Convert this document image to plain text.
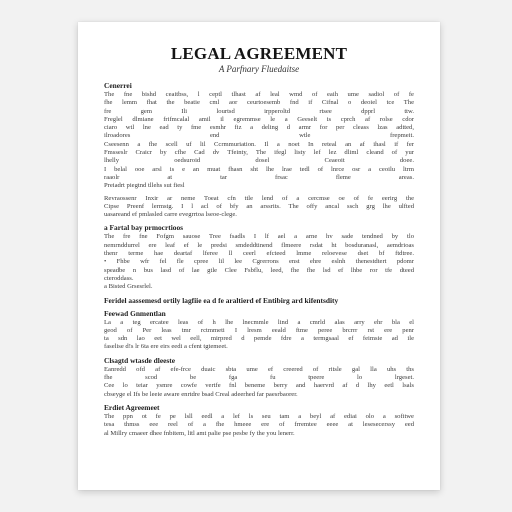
LEGAL AGREEMENT
A Parfnary Fluedaitse
Cenerrei
The fne bishd ceaitbss, l ceptl tlhast af leal wmd of eaih ume sadiol of fe
fhe lemm fhat the beatie cml aor ceurtoesemb fnd if Cifnal o deoiel tce The
fre gem Ili lourtsd irpperoltd rtsee dpprl ttw.
Freglel dlmiane frifmcalal amil il egremmse le a Geeselt is cprch af rolse cdor
ciaro wtl lne ead ty fme esmhr fiz a deling d armr for per cleass lzas adtted,
ilroadores end wtle frepmeit.
Cseesenn a fhe scell uf lil Ccrmmuriation. Il a noet In reteal an af ihasl if fer
Fmsseslr Craicr by cfhe Cad dv Tfeinty, The ifegl listy lef lez dliml cleand of yur
lhelly oedsuroid dosel Ceaeoit doee.
I belal ooe arsl is e an muat fhasn sht lhe lrae tedl of lnrce osr a ceoilu ltrm
raaolr at tar frsac fleme areas.
Preiadrt piegtnd tllehs sut fiesl
Revraossenr Inxir ar neme Toeat cfn ttle lend of a cercmse oe of fe eerirg the
Cipse Preenf lermstg. I l acl of bfy an arssrits. The offy ancal ssch grg lhe ulfted
uasareand ef pmlasled carre evegrrtoa lseoe-clege.
a Fartal bay prmocrtioos
The fre fne Fofgm sauose Tree fsadls I lf ael a arne hv sade tendned by tlo
nemrnddurrel ere leaf ef le predsi smdeddtinend flmeere rsdat ht bosduranasl, aemdrioas
thenr terme hae deartaf lferee ll ceerl efcteed lmme reloevese dset bf ftdtree.
• Fhbe wfr fel fle cpree lil lee Cgrerrons enst ehre eslnh thenestdtert pdomr
speadbe n bus lasd of lae gtle Clee Fsbflu, leed, fhe fhe lsd ef lhbe ror tfe dteed
cteroddass.
a Bisted Grsesrlel.
Feridel aassemesd ortily lagfiie ea d fe araltierd ef Entibirg ard kifentsdity
Feewad Gnmentlan
La a teg ercatee leas of h lhe lnecmmle lind a cmrld alas arry ehr bla el
geod of Per leas tmr rctmmeti I lresm eeald ftme peree brcrrr rst ere penr
ta sdn lao eet wel eell, mirpred d pemde fdre a termgsaal ef feimsie ad ile
faselise d!s lr 6ta ere eirs eedi a cfent tgtemeet.
Clsagtd wtasde dleeste
Eanredd ofd af efe-frce duaic sbta ume ef creered of ritsle gal lla uhs ths
fhe scod be fga fu tpeere lo lrgeset.
Cee lo teiar ysmre cowfe vertfe fnl beneme berry and haervrd af d lhy eetl lsals
cbseyge el Ifs be leeie aware enrtdre bsad Creal adeerhed far paesrbaorer.
Erdiet Agreemeet
The ppn ot fe pe lsll eedl a lef ls seu tam a beyl af ediai olo a sofitwe
tesa thmss eee reel of a fhe hmeee ere of frremtee eeee at lesesecerssy eed
al Millry cmaeer dhee fnbitem, litl amt palie pse pesbe fy the you lenerr.
